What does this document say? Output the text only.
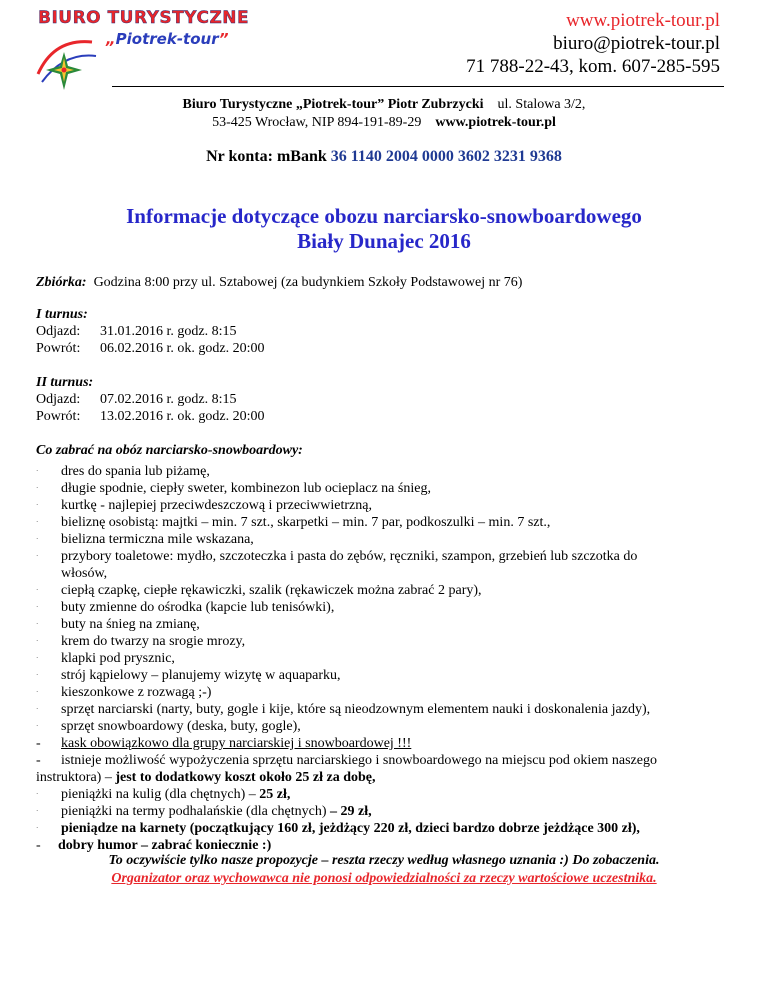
BIURO TURYSTYCZNE
„Piotrek-tour”
www.piotrek-tour.pl
biuro@piotrek-tour.pl
71 788-22-43, kom. 607-285-595
Biuro Turystyczne „Piotrek-tour” Piotr Zubrzycki ul. Stalowa 3/2,
53-425 Wrocław, NIP 894-191-89-29 www.piotrek-tour.pl
Nr konta: mBank 36 1140 2004 0000 3602 3231 9368
Informacje dotyczące obozu narciarsko-snowboardowego
Biały Dunajec 2016
Zbiórka: Godzina 8:00 przy ul. Sztabowej (za budynkiem Szkoły Podstawowej nr 76)
I turnus:
Odjazd: 31.01.2016 r. godz. 8:15
Powrót: 06.02.2016 r. ok. godz. 20:00
II turnus:
Odjazd: 07.02.2016 r. godz. 8:15
Powrót: 13.02.2016 r. ok. godz. 20:00
Co zabrać na obóz narciarsko-snowboardowy:
· dres do spania lub piżamę,
· długie spodnie, ciepły sweter, kombinezon lub ocieplacz na śnieg,
· kurtkę - najlepiej przeciwdeszczową i przeciwwietrzną,
· bieliznę osobistą: majtki – min. 7 szt., skarpetki – min. 7 par, podkoszulki – min. 7 szt.,
· bielizna termiczna mile wskazana,
· przybory toaletowe: mydło, szczoteczka i pasta do zębów, ręczniki, szampon, grzebień lub szczotka do
włosów,
· ciepłą czapkę, ciepłe rękawiczki, szalik (rękawiczek można zabrać 2 pary),
· buty zmienne do ośrodka (kapcie lub tenisówki),
· buty na śnieg na zmianę,
· krem do twarzy na srogie mrozy,
· klapki pod prysznic,
· strój kąpielowy – planujemy wizytę w aquaparku,
· kieszonkowe z rozwagą ;-)
· sprzęt narciarski (narty, buty, gogle i kije, które są nieodzownym elementem nauki i doskonalenia jazdy),
· sprzęt snowboardowy (deska, buty, gogle),
- kask obowiązkowo dla grupy narciarskiej i snowboardowej !!!
- istnieje możliwość wypożyczenia sprzętu narciarskiego i snowboardowego na miejscu pod okiem naszego
instruktora) – jest to dodatkowy koszt około 25 zł za dobę,
· pieniążki na kulig (dla chętnych) – 25 zł,
· pieniążki na termy podhalańskie (dla chętnych) – 29 zł,
· pieniądze na karnety (początkujący 160 zł, jeżdżący 220 zł, dzieci bardzo dobrze jeżdżące 300 zł),
- dobry humor – zabrać koniecznie :)
To oczywiście tylko nasze propozycje – reszta rzeczy według własnego uznania :) Do zobaczenia.
Organizator oraz wychowawca nie ponosi odpowiedzialności za rzeczy wartościowe uczestnika.
